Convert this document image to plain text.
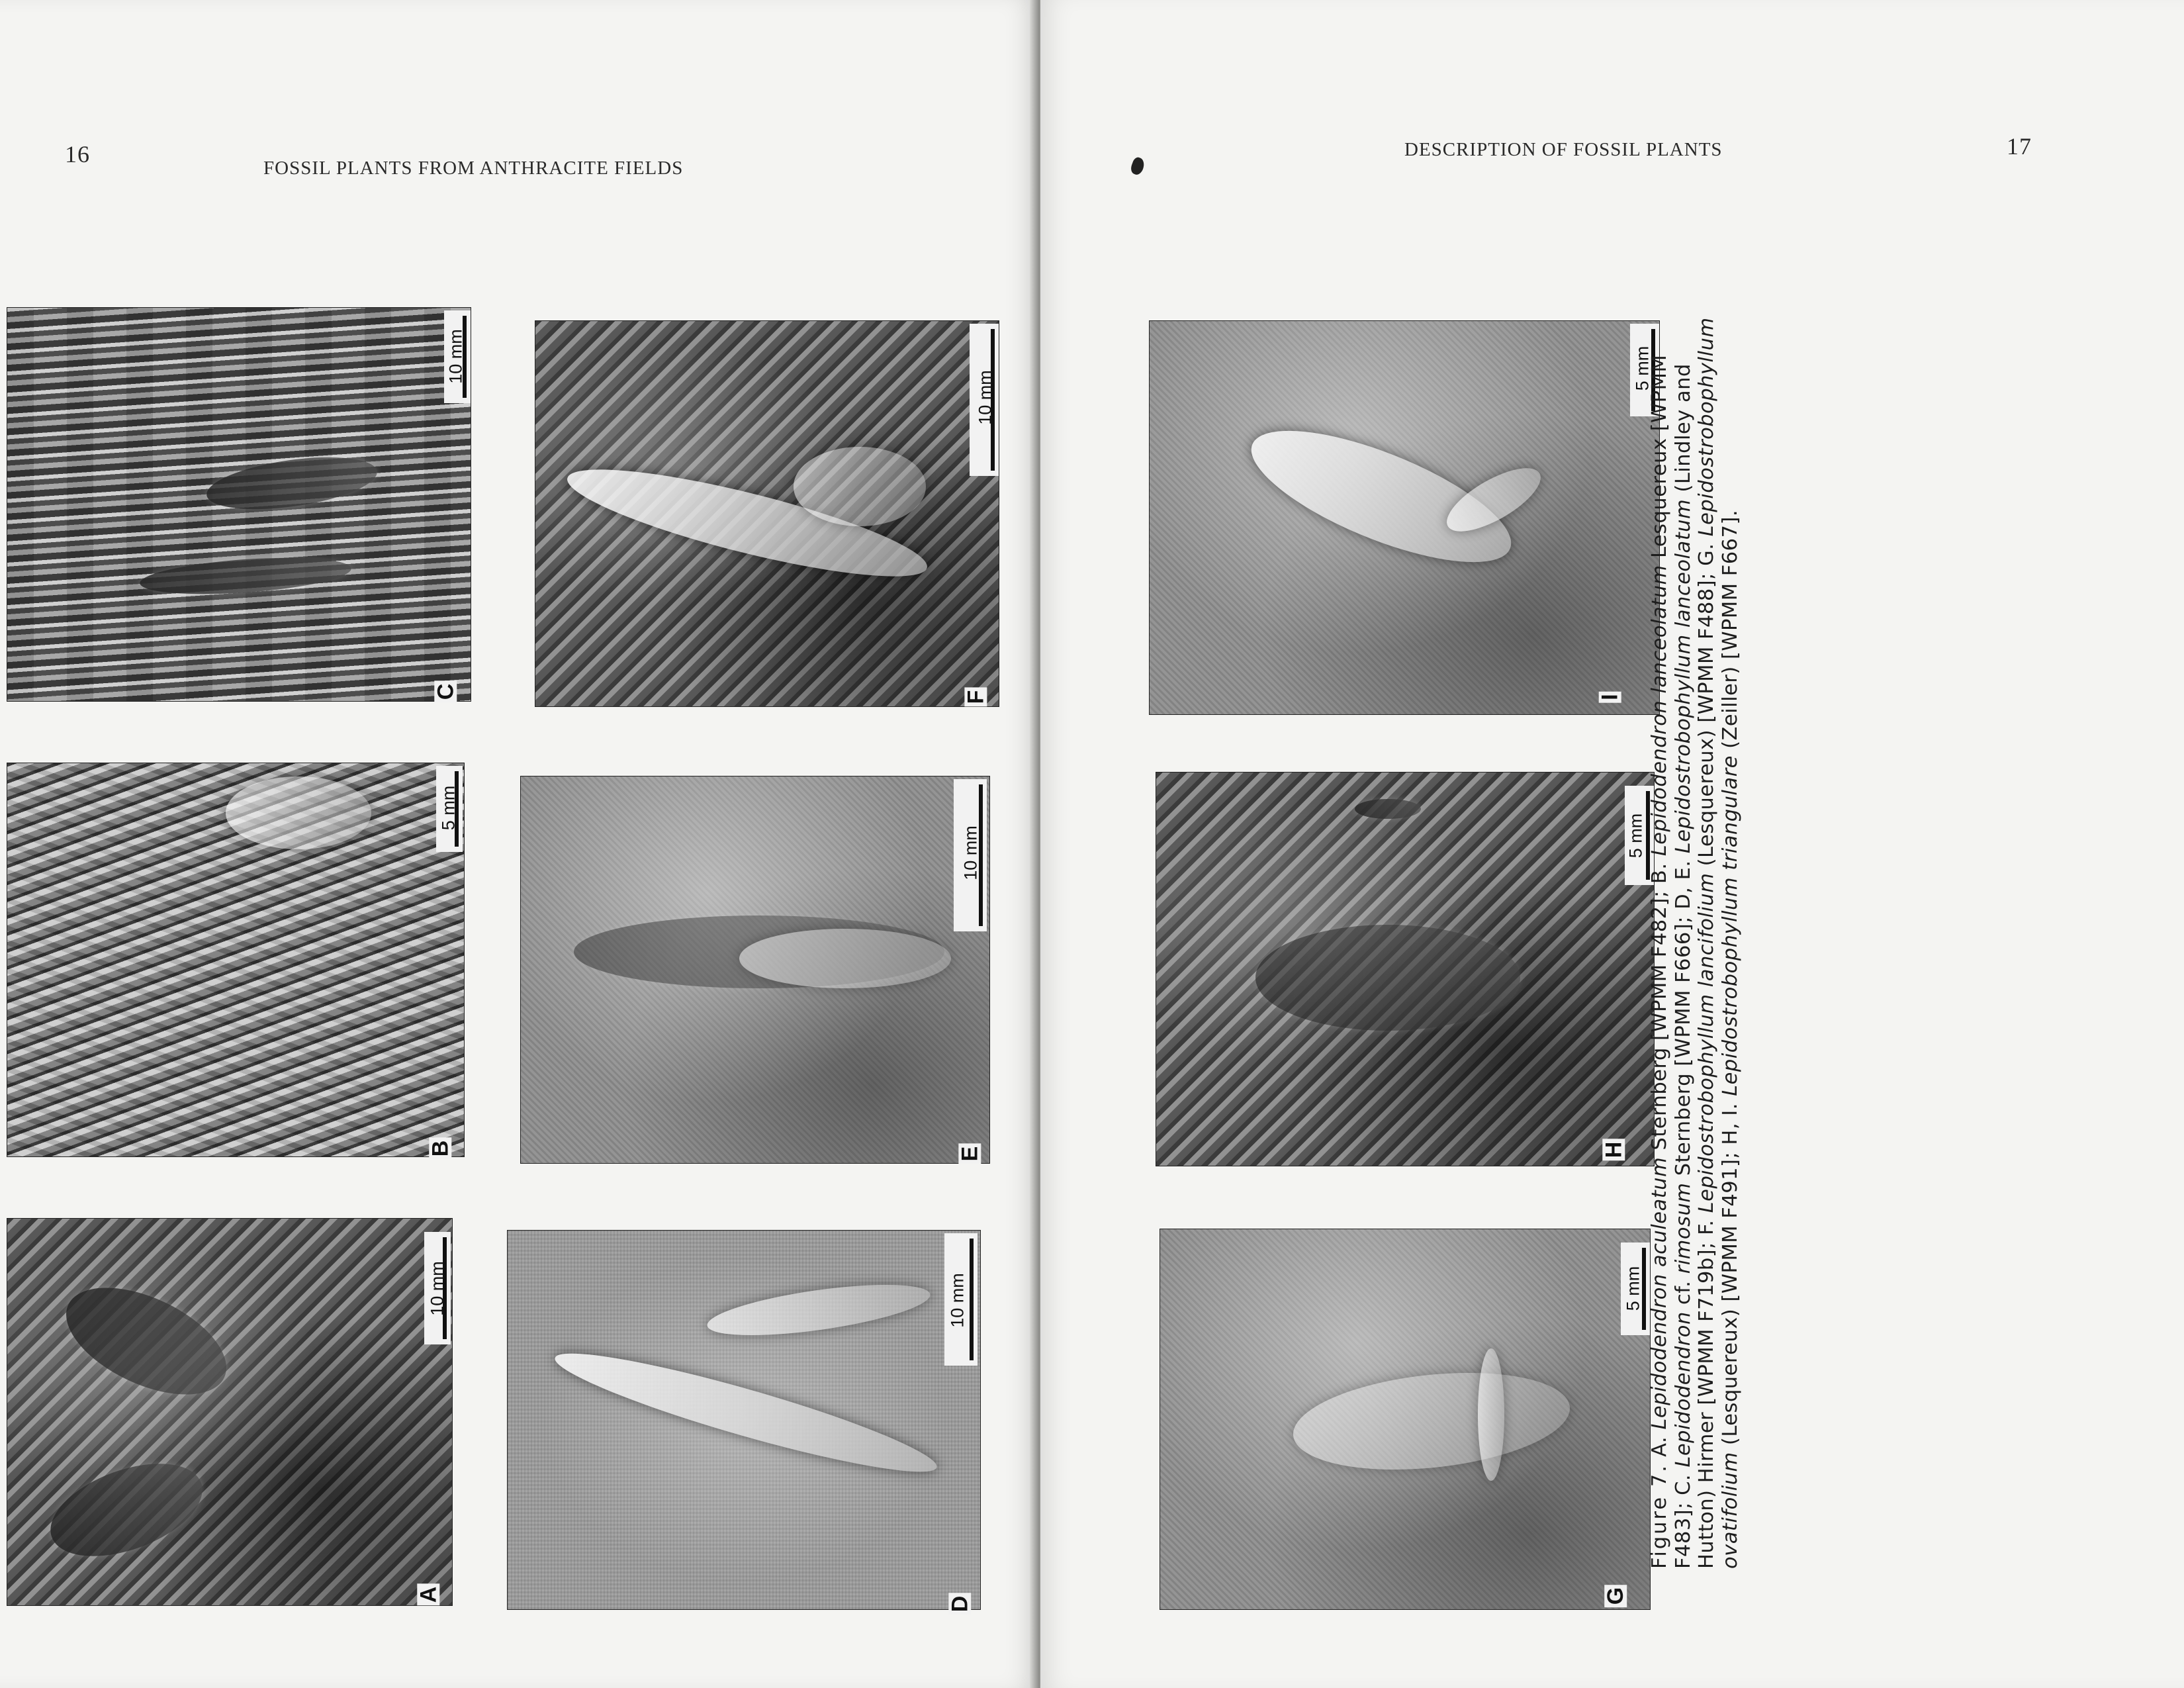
16
FOSSIL PLANTS FROM ANTHRACITE FIELDS
10 mm
C
5 mm
B
10 mm
A
10 mm
F
10 mm
E
10 mm
D
17
DESCRIPTION OF FOSSIL PLANTS
5 mm
I
5 mm
H
5 mm
G

Figure 7. A. Lepidodendron aculeatum Sternberg [WPMM F482]; B. Lepidodendron lanceolatum Lesquereux [WPMM F483]; C. Lepidodendron cf. rimosum Sternberg [WPMM F666]; D, E. Lepidostrobophyllum lanceolatum (Lindley and Hutton) Hirmer [WPMM F719b]; F. Lepidostrobophyllum lancifolium (Lesquereux) [WPMM F488]; G. Lepidostrobophyllum ovatifolium (Lesquereux) [WPMM F491]; H, I. Lepidostrobophyllum triangulare (Zeiller) [WPMM F667].
